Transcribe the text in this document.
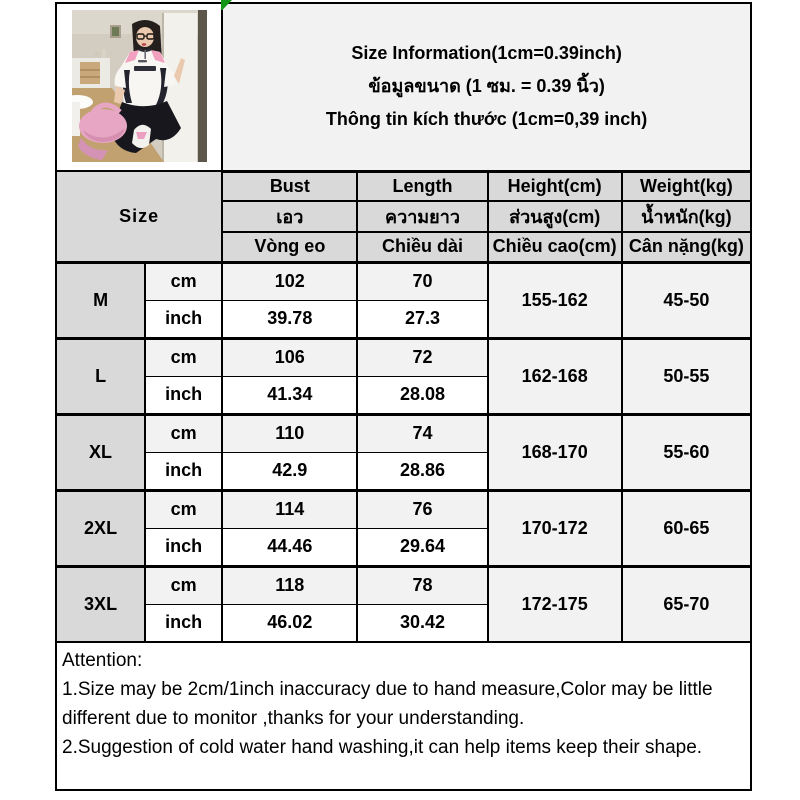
Size Information(1cm=0.39inch)
ข้อมูลขนาด (1 ซม. = 0.39 นิ้ว)
Thông tin kích thước (1cm=0,39 inch)			

Size		Bust	Length	Height(cm)	Weight(kg)
		เอว	ความยาว	ส่วนสูง(cm)	น้ำหนัก(kg)
		Vòng eo	Chiều dài	Chiều cao(cm)	Cân nặng(kg)
M	cm	102	70	155-162	45-50
	inch	39.78	27.3		
L	cm	106	72	162-168	50-55
	inch	41.34	28.08		
XL	cm	110	74	168-170	55-60
	inch	42.9	28.86		
2XL	cm	114	76	170-172	60-65
	inch	44.46	29.64		
3XL	cm	118	78	172-175	65-70
	inch	46.02	30.42		

Attention:
1.Size may be 2cm/1inch inaccuracy due to hand measure,Color may be little different due to monitor ,thanks for your understanding.
2.Suggestion of cold water hand washing,it can help items keep their shape.					
